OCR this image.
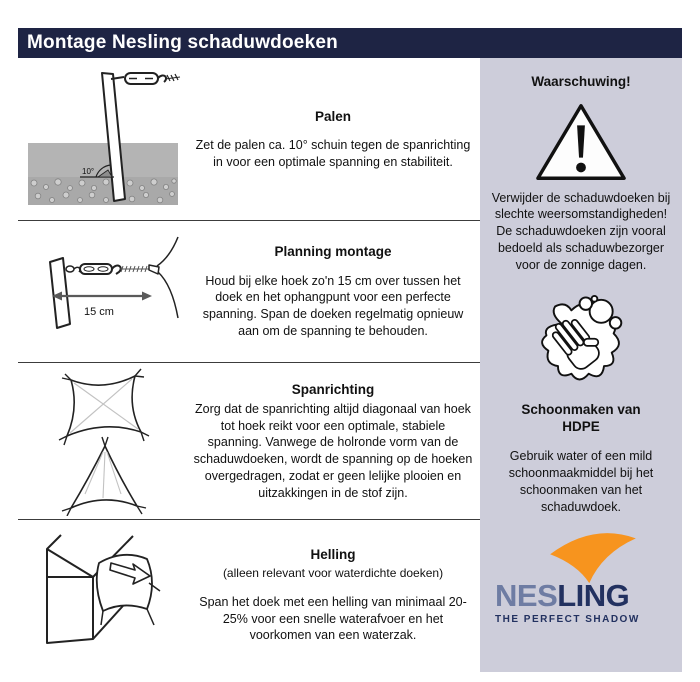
Montage Nesling schaduwdoeken
10°
Palen
Zet de palen ca. 10° schuin tegen de spanrichting in voor een optimale spanning en stabiliteit.
15 cm
Planning montage
Houd bij elke hoek zo'n 15 cm over tussen het doek en het ophangpunt voor een perfecte spanning. Span de doeken regelmatig opnieuw aan om de spanning te behouden.
Spanrichting
Zorg dat de spanrichting altijd diagonaal van hoek tot hoek reikt voor een optimale, stabiele spanning. Vanwege de holronde vorm van de schaduwdoeken, wordt de spanning op de hoeken overgedragen, zodat er geen lelijke plooien en uitzakkingen in de stof zijn.
Helling
(alleen relevant voor waterdichte doeken)
Span het doek met een helling van minimaal 20-25% voor een snelle waterafvoer en het voorkomen van een waterzak.
Waarschuwing!
Verwijder de schaduwdoeken bij slechte weersomstandigheden! De schaduwdoeken zijn vooral bedoeld als schaduwbezorger voor de zonnige dagen.
Schoonmaken van HDPE
Gebruik water of een mild schoonmaakmiddel bij het schoonmaken van het schaduwdoek.
NESLING
THE PERFECT SHADOW
